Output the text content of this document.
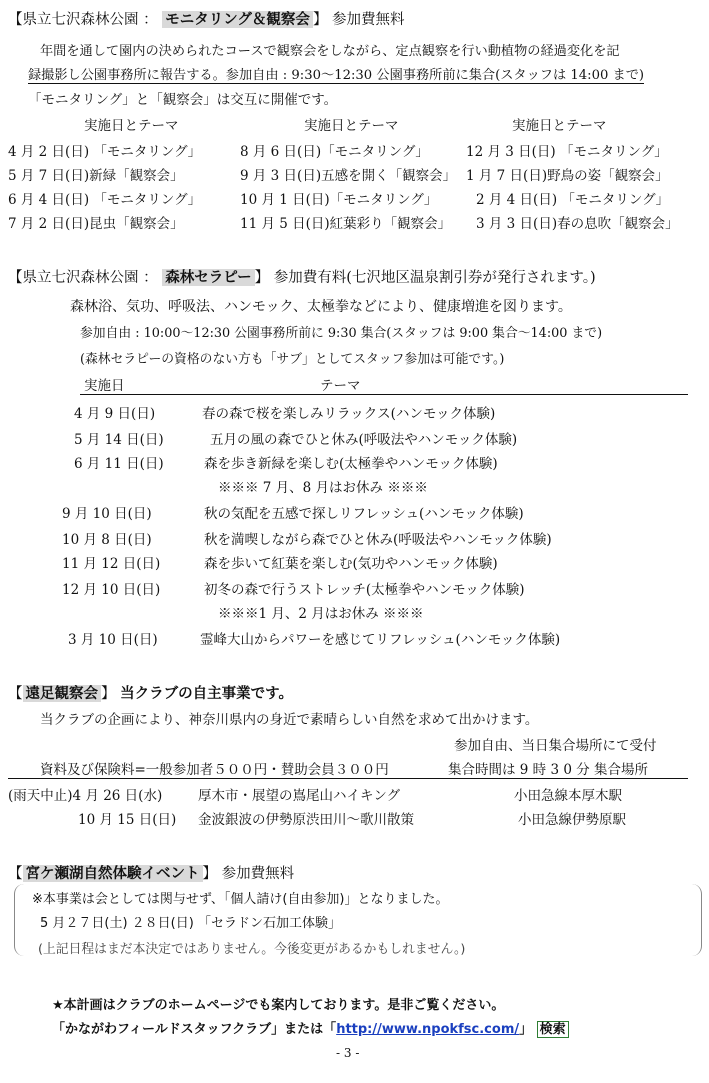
【県立七沢森林公園 ： モニタリング＆観察会 】 参加費無料
年間を通して園内の決められたコースで観察会をしながら、定点観察を行い動植物の経過変化を記
録撮影し公園事務所に報告する。参加自由 : 9:30～12:30 公園事務所前に集合(スタッフは 14:00 まで)
「モニタリング」と「観察会」は交互に開催です。
実施日とテーマ	実施日とテーマ	実施日とテーマ
4 月 2 日(日) 「モニタリング」	8 月 6 日(日)「モニタリング」	12 月 3 日(日) 「モニタリング」
5 月 7 日(日)新緑「観察会」	9 月 3 日(日)五感を開く「観察会」 1 月 7 日(日)野鳥の姿「観察会」
6 月 4 日(日) 「モニタリング」	10 月 1 日(日)「モニタリング」	2 月 4 日(日) 「モニタリング」
7 月 2 日(日)昆虫「観察会」	11 月 5 日(日)紅葉彩り「観察会」 3 月 3 日(日)春の息吹「観察会」
【県立七沢森林公園 ： 森林セラピー 】 参加費有料(七沢地区温泉割引券が発行されます。)
森林浴、気功、呼吸法、ハンモック、太極拳などにより、健康増進を図ります。
参加自由 : 10:00～12:30 公園事務所前に 9:30 集合(スタッフは 9:00 集合～14:00 まで)
(森林セラピーの資格のない方も「サブ」としてスタッフ参加は可能です。)
実施日	テーマ
4 月 9 日(日)	春の森で桜を楽しみリラックス(ハンモック体験)
5 月 14 日(日)	五月の風の森でひと休み(呼吸法やハンモック体験)
6 月 11 日(日)	森を歩き新緑を楽しむ(太極拳やハンモック体験)
※※※ 7 月、8 月はお休み ※※※
9 月 10 日(日)	秋の気配を五感で探しリフレッシュ(ハンモック体験)
10 月 8 日(日)	秋を満喫しながら森でひと休み(呼吸法やハンモック体験)
11 月 12 日(日)	森を歩いて紅葉を楽しむ(気功やハンモック体験)
12 月 10 日(日)	初冬の森で行うストレッチ(太極拳やハンモック体験)
※※※1 月、2 月はお休み ※※※
3 月 10 日(日)	霊峰大山からパワーを感じてリフレッシュ(ハンモック体験)
【 遠足観察会 】 当クラブの自主事業です。
当クラブの企画により、神奈川県内の身近で素晴らしい自然を求めて出かけます。
参加自由、当日集合場所にて受付
資料及び保険料=一般参加者５００円・賛助会員３００円	集合時間は 9 時 3 0 分 集合場所
(雨天中止)4 月 26 日(水)	厚木市・展望の嶌尾山ハイキング	小田急線本厚木駅
10 月 15 日(日) 金波銀波の伊勢原渋田川～歌川散策	小田急線伊勢原駅
【 宮ケ瀬湖自然体験イベント 】 参加費無料
※本事業は会としては関与せず、「個人請け(自由参加)」となりました。
5 月２７日(土) ２８日(日) 「セラドン石加工体験」
(上記日程はまだ本決定ではありません。今後変更があるかもしれません。)
★本計画はクラブのホームページでも案内しております。是非ご覧ください。
「かながわフィールドスタッフクラブ」または「http://www.npokfsc.com/」 検索
- 3 -
